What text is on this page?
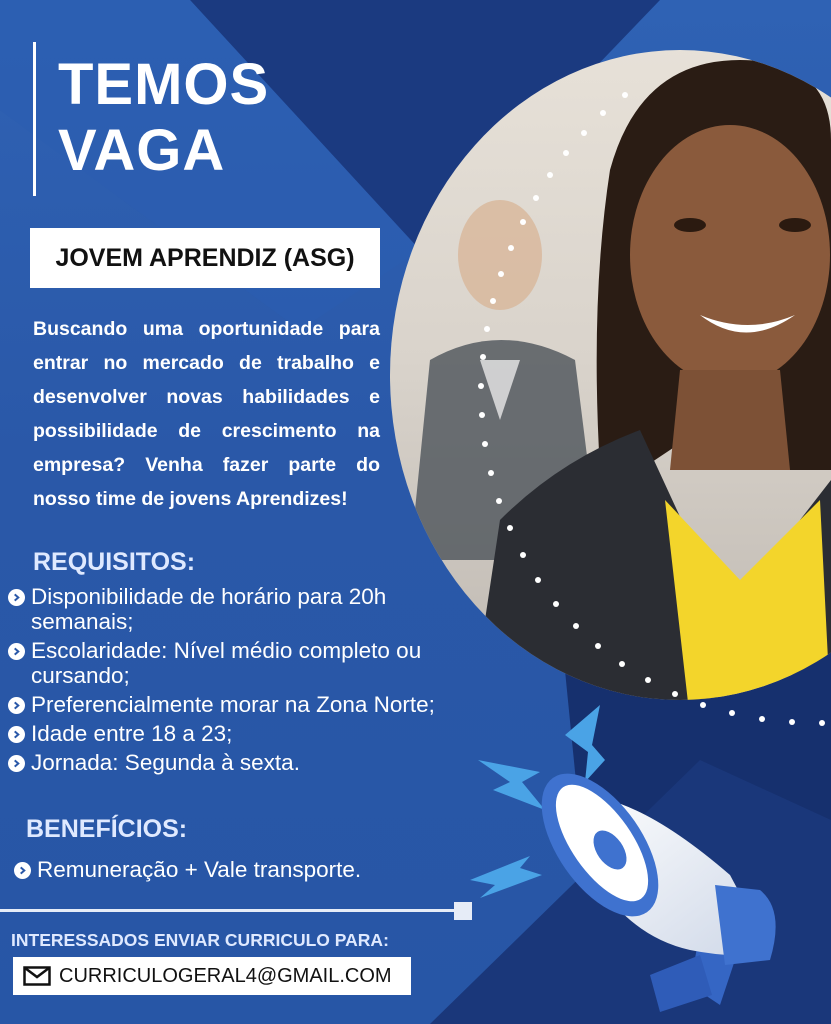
TEMOS
VAGA
JOVEM APRENDIZ (ASG)

Buscando uma oportunidade para entrar no mercado de trabalho e desenvolver novas habilidades e possibilidade de crescimento na empresa? Venha fazer parte do nosso time de jovens Aprendizes!

REQUISITOS:
Disponibilidade de horário para 20h semanais;
Escolaridade: Nível médio completo ou cursando;
Preferencialmente morar na Zona Norte;
Idade entre 18 a 23;
Jornada: Segunda à sexta.
BENEFÍCIOS:
Remuneração + Vale transporte.

INTERESSADOS ENVIAR CURRICULO PARA:

CURRICULOGERAL4@GMAIL.COM
